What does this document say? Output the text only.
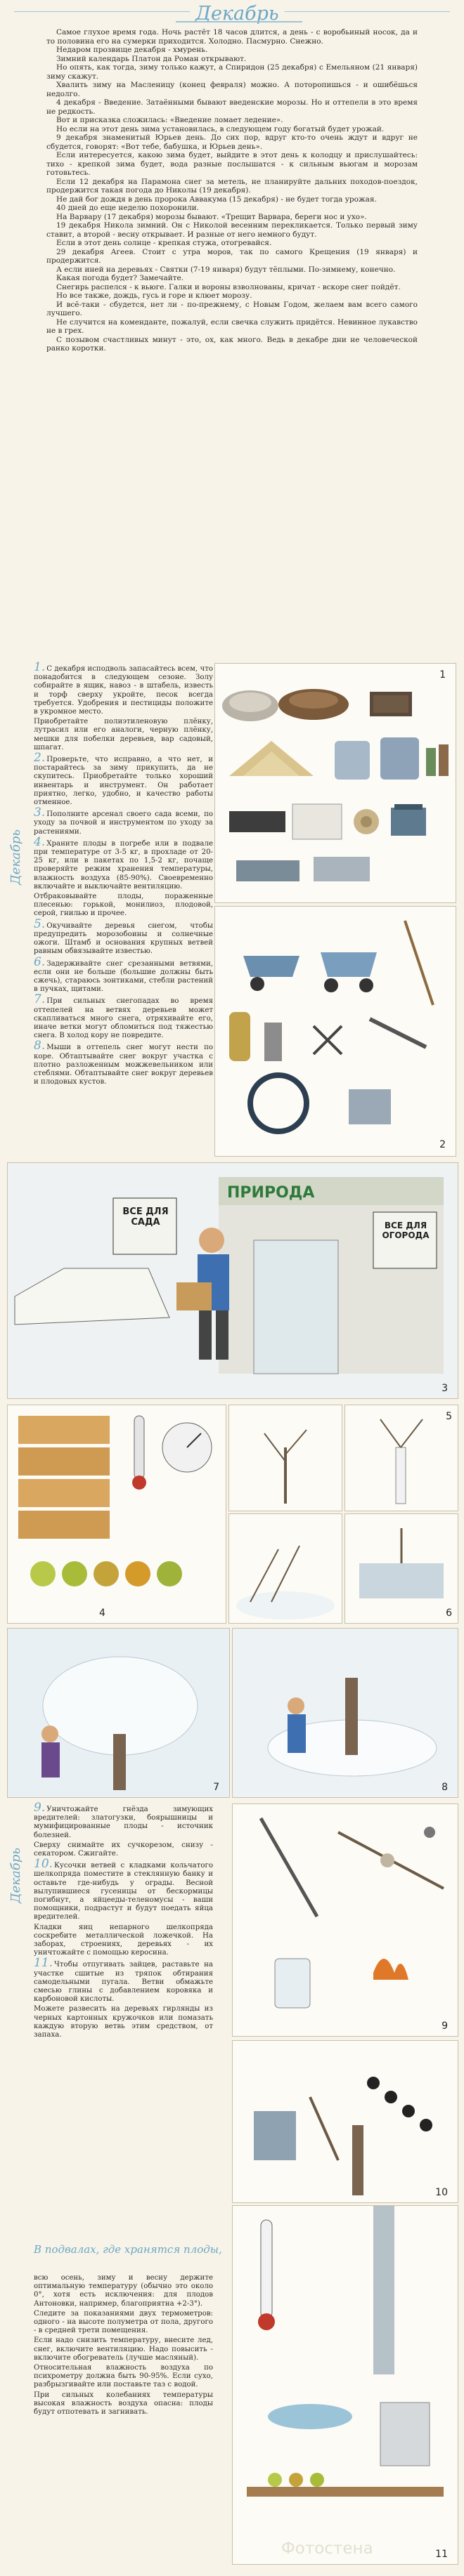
Декабрь

Самое глухое время года. Ночь растёт 18 часов длится, а день - с воробьиный носок, да и то половина его на сумерки приходится. Холодно. Пасмурно. Снежно.

Недаром прозвище декабря - хмурень.

Зимний календарь Платон да Роман открывают.

Но опять, как тогда, зиму только кажут, а Спиридон (25 декабря) с Емельяном (21 января) зиму скажут.

Хвалить зиму на Масленицу (конец февраля) можно. А поторопишься - и ошибёшься недолго.

4 декабря - Введение. Затаёнными бывают введенские морозы. Но и оттепели в это время не редкость.

Вот и присказка сложилась: «Введение ломает ледение».

Но если на этот день зима установилась, в следующем году богатый будет урожай.

9 декабря знаменитый Юрьев день. До сих пор, вдруг кто-то очень ждут и вдруг не сбудется, говорят: «Вот тебе, бабушка, и Юрьев день».

Если интересуется, какою зима будет, выйдите в этот день к колодцу и прислушайтесь: тихо - крепкой зима будет, вода разные послышатся - к сильным вьюгам и морозам готовьтесь.

Если 12 декабря на Парамона снег за метель, не планируйте дальних походов-поездок, продержится такая погода до Николы (19 декабря).

Не дай бог дождя в день пророка Аввакума (15 декабря) - не будет тогда урожая.

40 дней до еще неделю похоронили.

На Варвару (17 декабря) морозы бывают. «Трещит Варвара, береги нос и ухо».

19 декабря Никола зимний. Он с Николой весенним перекликается. Только первый зиму ставит, а второй - весну открывает. И разные от него немного будут.

Если в этот день солнце - крепкая стужа, отогревайся.

29 декабря Агеев. Стоит с утра моров, так по самого Крещения (19 января) и продержится.

А если иней на деревьях - Святки (7-19 января) будут тёплыми. По-зимнему, конечно.

Какая погода будет? Замечайте.

Снегирь распелся - к вьюге. Галки и вороны взволнованы, кричат - вскоре снег пойдёт.

Но все также, дождь, гусь и горе и клюет морозу.

И всё-таки - сбудется, нет ли - по-прежнему, с Новым Годом, желаем вам всего самого лучшего.

Не случится на коменданте, пожалуй, если свечка служить придётся. Невинное лукавство не в грех.

С позывом счастливых минут - это, ох, как много. Ведь в декабре дни не человеческой ранко коротки.

Декабрь

1. С декабря исподволь запасайтесь всем, что понадобится в следующем сезоне. Золу собирайте в ящик, навоз - в штабель, известь и торф сверху укройте, песок всегда требуется. Удобрения и пестициды положите в укромное место.

Приобретайте полиэтиленовую плёнку, лутрасил или его аналоги, черную плёнку, мешки для побелки деревьев, вар садовый, шпагат.

2. Проверьте, что исправно, а что нет, и постарайтесь за зиму прикупить, да не скупитесь. Приобретайте только хороший инвентарь и инструмент. Он работает приятно, легко, удобно, и качество работы отменное.

3. Пополните арсенал своего сада всеми, по уходу за почвой и инструментом по уходу за растениями.

4. Храните плоды в погребе или в подвале при температуре от 3-5 кг, в прохладе от 20-25 кг, или в пакетах по 1,5-2 кг, почаще проверяйте режим хранения температуры, влажность воздуха (85-90%). Своевременно включайте и выключайте вентиляцию.

Отбраковывайте плоды, пораженные плесенью: горькой, монилиоз, плодовой, серой, гнилью и прочее.

5. Окучивайте деревья снегом, чтобы предупредить морозобоины и солнечные ожоги. Штамб и основания крупных ветвей равным обвязывайте известью.

6. Задерживайте снег срезанными ветвями, если они не больше (большие должны быть сжечь), стараюсь зонтиками, стебли растений в пучках, щитами.

7. При сильных снегопадах во время оттепелей на ветвях деревьев может скапливаться много снега, отряхивайте его, иначе ветки могут обломиться под тяжестью снега. В холод кору не повредите.

8. Мыши в оттепель снег могут нести по коре. Обтаптывайте снег вокруг участка с плотно разложенным можжевельником или стеблями. Обтаптывайте снег вокруг деревьев и плодовых кустов.

1
2
ПРИРОДА
ВСЕ ДЛЯ САДА	ВСЕ ДЛЯ ОГОРОДА
3
4
5
6
7	8
Декабрь

9. Уничтожайте гнёзда зимующих вредителей: златогузки, боярышницы и мумифицированные плоды - источник болезней.

Сверху снимайте их сучкорезом, снизу - секатором. Сжигайте.

10. Кусочки ветвей с кладками кольчатого шелкопряда поместите в стеклянную банку и оставьте где-нибудь у ограды. Весной вылупившиеся гусеницы от бескормицы погибнут, а яйцееды-теленомусы - ваши помощники, подрастут и будут поедать яйца вредителей.

Кладки яиц непарного шелкопряда соскребите металлической ложечкой. На заборах, строениях, деревьях - их уничтожайте с помощью керосина.

11. Чтобы отпугивать зайцев, раставьте на участке сшитые из тряпок обтирания самодельными пугала. Ветви обмажьте смесью глины с добавлением коровяка и карбоновой кислоты.

Можете развесить на деревьях гирлянды из черных картонных кружочков или помазать каждую вторую ветвь этим средством, от запаха.

9
10
В подвалах, где хранятся плоды,

всю осень, зиму и весну держите оптимальную температуру (обычно это около 0°, хотя есть исключения: для плодов Антоновки, например, благоприятна +2-3°).

Следите за показаниями двух термометров: одного - на высоте полуметра от пола, другого - в средней трети помещения.

Если надо снизить температуру, внесите лед, снег, включите вентиляцию. Надо повысить - включите обогреватель (лучше масляный).

Относительная влажность воздуха по психрометру должна быть 90-95%. Если сухо, разбрызгивайте или поставьте таз с водой.

При сильных колебаниях температуры высокая влажность воздуха опасна: плоды будут отпотевать и загнивать.

11
Фотостена
